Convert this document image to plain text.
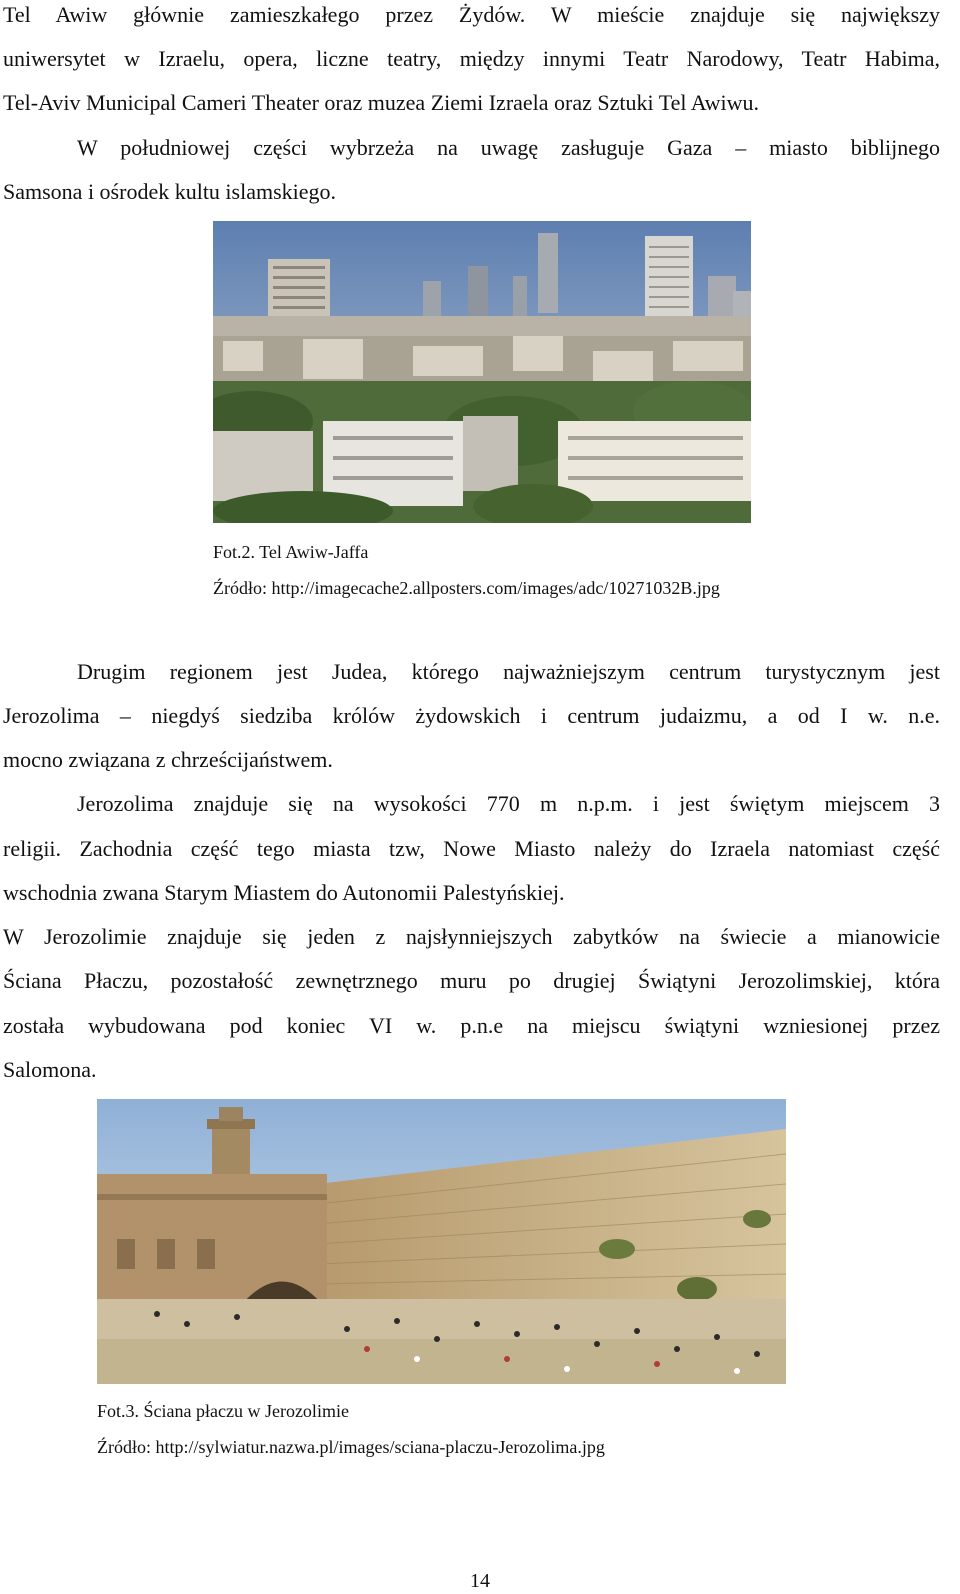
Tel Awiw głównie zamieszkałego przez Żydów. W mieście znajduje się największy
uniwersytet w Izraelu, opera, liczne teatry, między innymi Teatr Narodowy, Teatr Habima,
Tel-Aviv Municipal Cameri Theater oraz muzea Ziemi Izraela oraz Sztuki Tel Awiwu.
W południowej części wybrzeża na uwagę zasługuje Gaza – miasto biblijnego
Samsona i ośrodek kultu islamskiego.
Fot.2. Tel Awiw-Jaffa
Źródło: http://imagecache2.allposters.com/images/adc/10271032B.jpg
Drugim regionem jest Judea, którego najważniejszym centrum turystycznym jest
Jerozolima – niegdyś siedziba królów żydowskich i centrum judaizmu, a od I w. n.e.
mocno związana z chrześcijaństwem.
Jerozolima znajduje się na wysokości 770 m n.p.m. i jest świętym miejscem 3
religii. Zachodnia część tego miasta tzw, Nowe Miasto należy do Izraela natomiast część
wschodnia zwana Starym Miastem do Autonomii Palestyńskiej.
W Jerozolimie znajduje się jeden z najsłynniejszych zabytków na świecie a mianowicie
Ściana Płaczu, pozostałość zewnętrznego muru po drugiej Świątyni Jerozolimskiej, która
została wybudowana pod koniec VI w. p.n.e na miejscu świątyni wzniesionej przez
Salomona.
Fot.3. Ściana płaczu w Jerozolimie
Źródło: http://sylwiatur.nazwa.pl/images/sciana-placzu-Jerozolima.jpg
14
